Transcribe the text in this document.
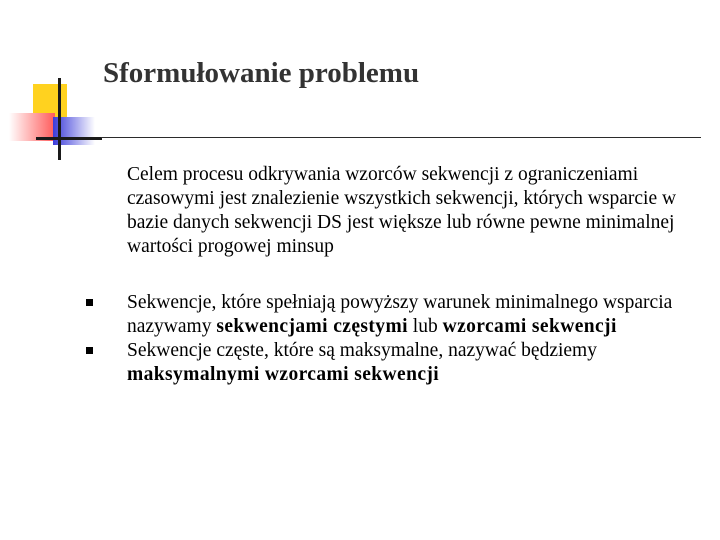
Sformułowanie problemu

Celem procesu odkrywania wzorców sekwencji z ograniczeniami czasowymi jest znalezienie wszystkich sekwencji, których wsparcie w bazie danych sekwencji DS jest większe lub równe pewne minimalnej wartości progowej minsup

Sekwencje, które spełniają powyższy warunek minimalnego wsparcia nazywamy sekwencjami częstymi lub wzorcami sekwencji

Sekwencje częste, które są maksymalne, nazywać będziemy maksymalnymi wzorcami sekwencji
